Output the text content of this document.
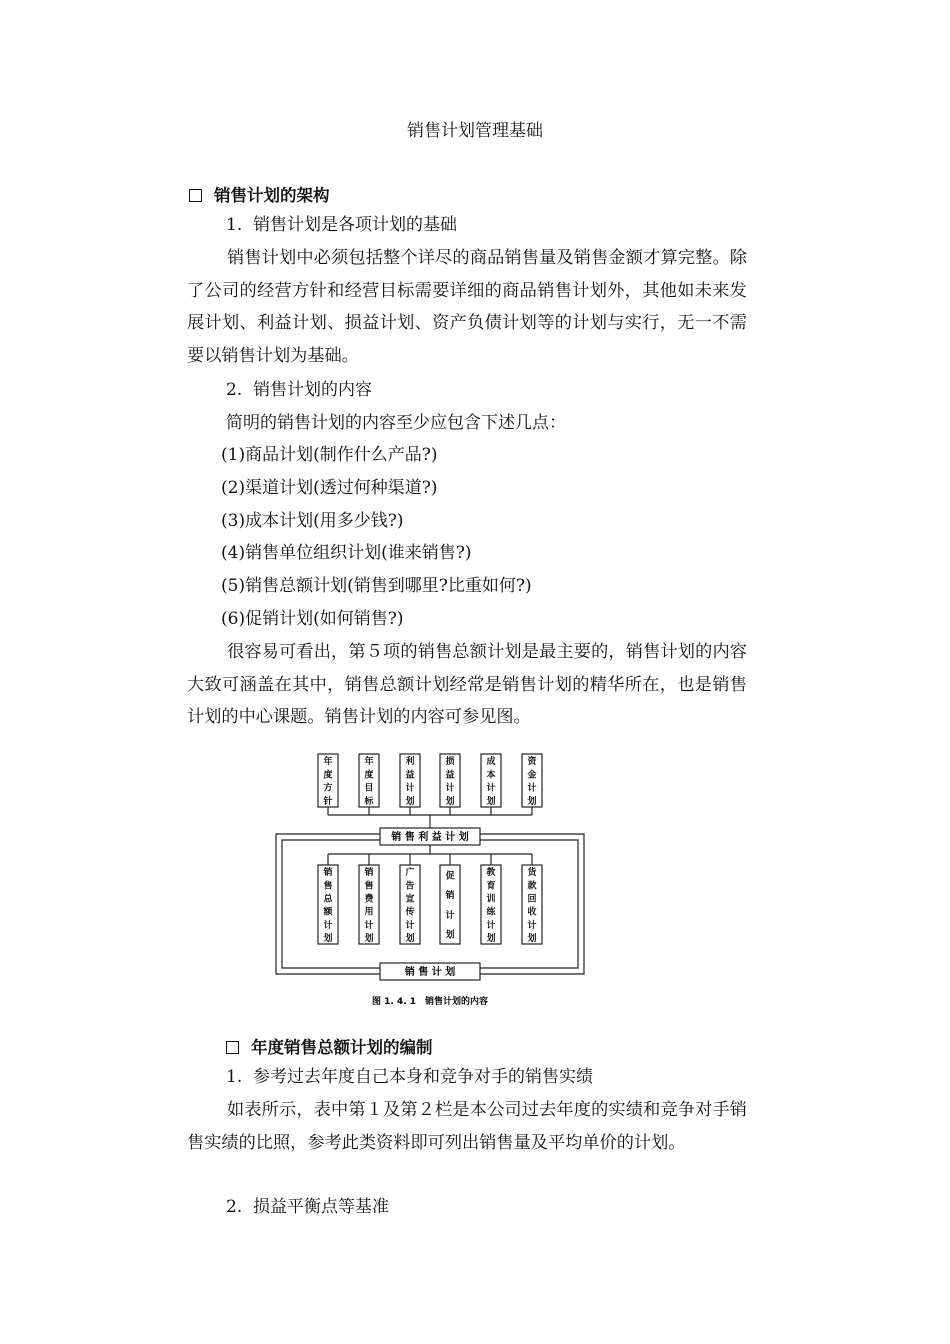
销售计划管理基础
销售计划的架构
1. 销售计划是各项计划的基础
销售计划中必须包括整个详尽的商品销售量及销售金额才算完整。除了公司的经营方针和经营目标需要详细的商品销售计划外，其他如未来发展计划、利益计划、损益计划、资产负债计划等的计划与实行，无一不需要以销售计划为基础。
2. 销售计划的内容
简明的销售计划的内容至少应包含下述几点：
(1)商品计划(制作什么产品?)
(2)渠道计划(透过何种渠道?)
(3)成本计划(用多少钱?)
(4)销售单位组织计划(谁来销售?)
(5)销售总额计划(销售到哪里?比重如何?)
(6)促销计划(如何销售?)
很容易可看出，第５项的销售总额计划是最主要的，销售计划的内容大致可涵盖在其中，销售总额计划经常是销售计划的精华所在，也是销售计划的中心课题。销售计划的内容可参见图。
年度方针
年度目标
利益计划
损益计划
成本计划
资金计划
销售总额计划
销售费用计划
广告宣传计划
促销计划
教育训练计划
货款回收计划
销 售 利 益 计 划
销 售 计 划
图 1. 4. 1　销售计划的内容
年度销售总额计划的编制
1. 参考过去年度自己本身和竞争对手的销售实绩
如表所示，表中第１及第２栏是本公司过去年度的实绩和竞争对手销售实绩的比照，参考此类资料即可列出销售量及平均单价的计划。
2. 损益平衡点等基准
